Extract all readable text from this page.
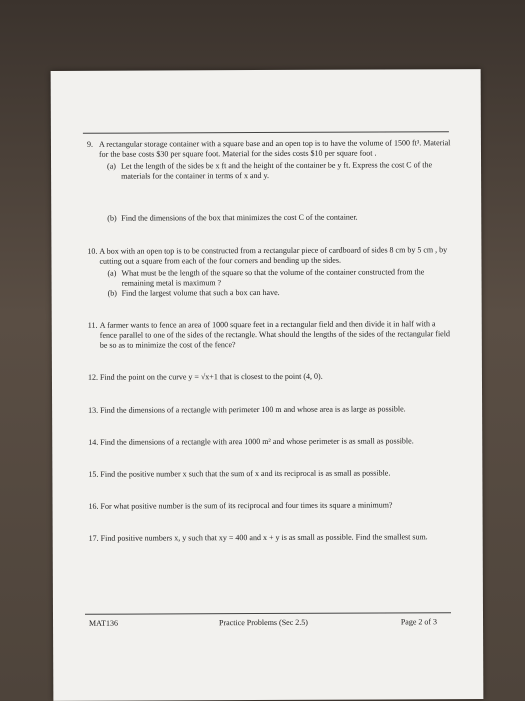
9. A rectangular storage container with a square base and an open top is to have the volume of 1500 ft³. Material for the base costs $30 per square foot. Material for the sides costs $10 per square foot .
(a) Let the length of the sides be x ft and the height of the container be y ft. Express the cost C of the materials for the container in terms of x and y.
(b) Find the dimensions of the box that minimizes the cost C of the container.
10. A box with an open top is to be constructed from a rectangular piece of cardboard of sides 8 cm by 5 cm , by cutting out a square from each of the four corners and bending up the sides.
(a) What must be the length of the square so that the volume of the container constructed from the remaining metal is maximum ?
(b) Find the largest volume that such a box can have.
11. A farmer wants to fence an area of 1000 square feet in a rectangular field and then divide it in half with a fence parallel to one of the sides of the rectangle. What should the lengths of the sides of the rectangular field be so as to minimize the cost of the fence?
12. Find the point on the curve y = √x+1 that is closest to the point (4, 0).
13. Find the dimensions of a rectangle with perimeter 100 m and whose area is as large as possible.
14. Find the dimensions of a rectangle with area 1000 m² and whose perimeter is as small as possible.
15. Find the positive number x such that the sum of x and its reciprocal is as small as possible.
16. For what positive number is the sum of its reciprocal and four times its square a minimum?
17. Find positive numbers x, y such that xy = 400 and x + y is as small as possible. Find the smallest sum.
MAT136	Practice Problems (Sec 2.5)	Page 2 of 3
